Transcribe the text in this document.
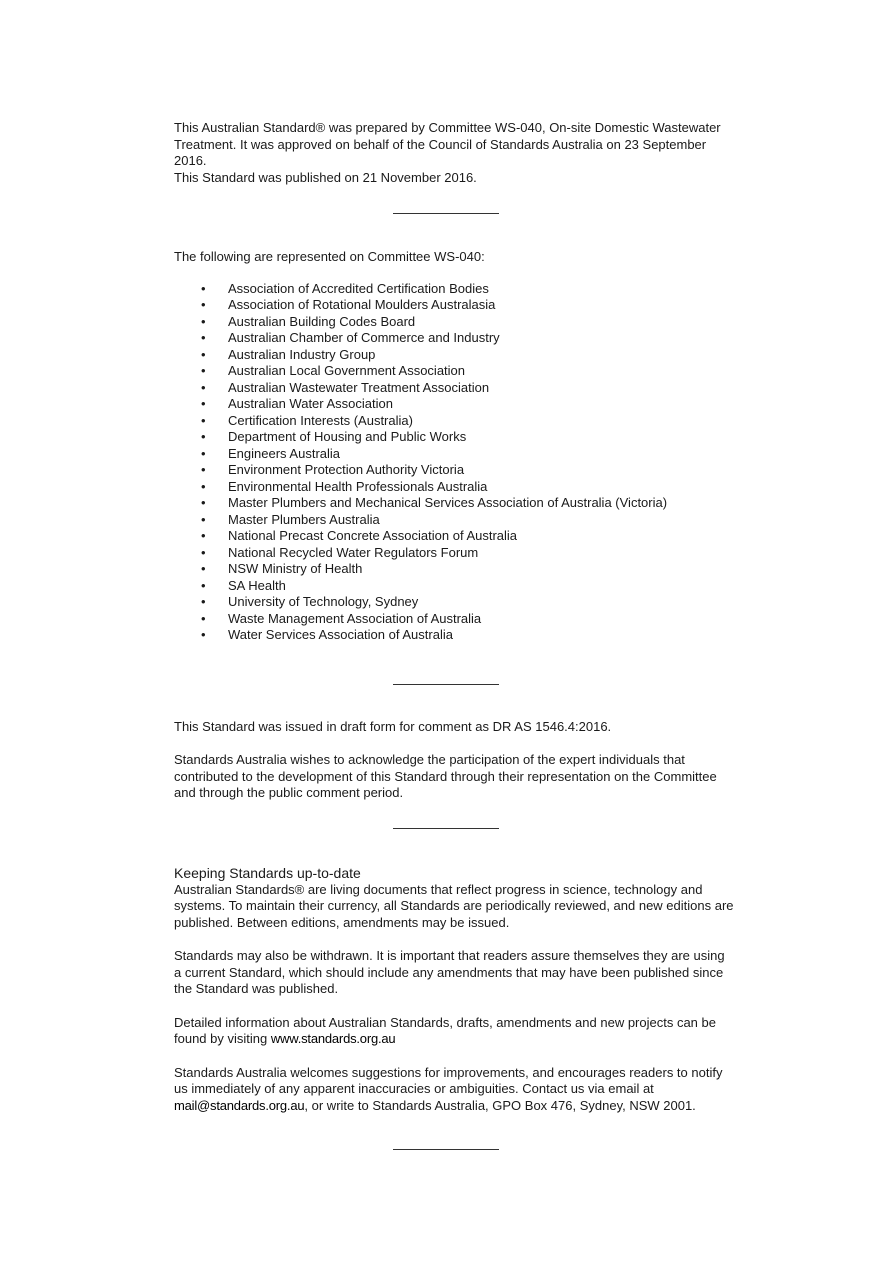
This Australian Standard® was prepared by Committee WS-040, On-site Domestic Wastewater Treatment. It was approved on behalf of the Council of Standards Australia on 23 September 2016.

This Standard was published on 21 November 2016.

The following are represented on Committee WS-040:

• Association of Accredited Certification Bodies
• Association of Rotational Moulders Australasia
• Australian Building Codes Board
• Australian Chamber of Commerce and Industry
• Australian Industry Group
• Australian Local Government Association
• Australian Wastewater Treatment Association
• Australian Water Association
• Certification Interests (Australia)
• Department of Housing and Public Works
• Engineers Australia
• Environment Protection Authority Victoria
• Environmental Health Professionals Australia
• Master Plumbers and Mechanical Services Association of Australia (Victoria)
• Master Plumbers Australia
• National Precast Concrete Association of Australia
• National Recycled Water Regulators Forum
• NSW Ministry of Health
• SA Health
• University of Technology, Sydney
• Waste Management Association of Australia
• Water Services Association of Australia

This Standard was issued in draft form for comment as DR AS 1546.4:2016.

Standards Australia wishes to acknowledge the participation of the expert individuals that contributed to the development of this Standard through their representation on the Committee and through the public comment period.

Keeping Standards up-to-date

Australian Standards® are living documents that reflect progress in science, technology and systems. To maintain their currency, all Standards are periodically reviewed, and new editions are published. Between editions, amendments may be issued.

Standards may also be withdrawn. It is important that readers assure themselves they are using a current Standard, which should include any amendments that may have been published since the Standard was published.

Detailed information about Australian Standards, drafts, amendments and new projects can be found by visiting www.standards.org.au

Standards Australia welcomes suggestions for improvements, and encourages readers to notify us immediately of any apparent inaccuracies or ambiguities. Contact us via email at mail@standards.org.au, or write to Standards Australia, GPO Box 476, Sydney, NSW 2001.
